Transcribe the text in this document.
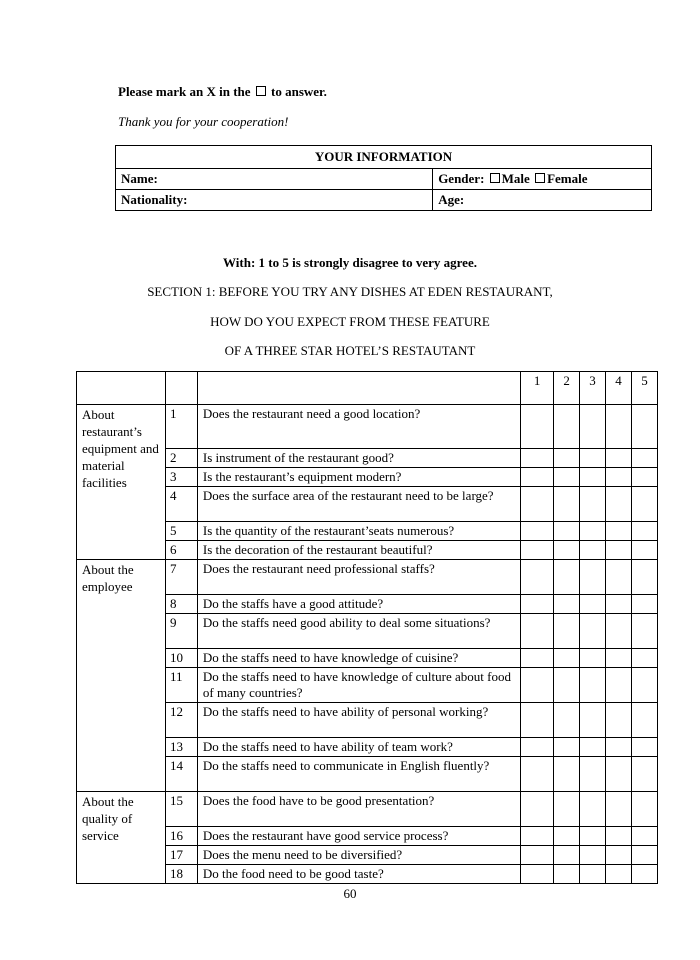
Please mark an X in the to answer.
Thank you for your cooperation!
YOUR INFORMATION	
Name:	Gender: Male Female
Nationality:	Age:
With: 1 to 5 is strongly disagree to very agree.
SECTION 1: BEFORE YOU TRY ANY DISHES AT EDEN RESTAURANT,
HOW DO YOU EXPECT FROM THESE FEATURE
OF A THREE STAR HOTEL’S RESTAUTANT
			1	2	3	4	5
About restaurant’s equipment and material facilities	1	Does the restaurant need a good location?					
	2	Is instrument of the restaurant good?					
	3	Is the restaurant’s equipment modern?					
	4	Does the surface area of the restaurant need to be large?					
	5	Is the quantity of the restaurant’seats numerous?					
	6	Is the decoration of the restaurant beautiful?					
About the employee	7	Does the restaurant need professional staffs?					
	8	Do the staffs have a good attitude?					
	9	Do the staffs need good ability to deal some situations?					
	10	Do the staffs need to have knowledge of cuisine?					
	11	Do the staffs need to have knowledge of culture about food of many countries?					
	12	Do the staffs need to have ability of personal working?					
	13	Do the staffs need to have ability of team work?					
	14	Do the staffs need to communicate in English fluently?					
About the quality of service	15	Does the food have to be good presentation?					
	16	Does the restaurant have good service process?					
	17	Does the menu need to be diversified?					
	18	Do the food need to be good taste?					
60
